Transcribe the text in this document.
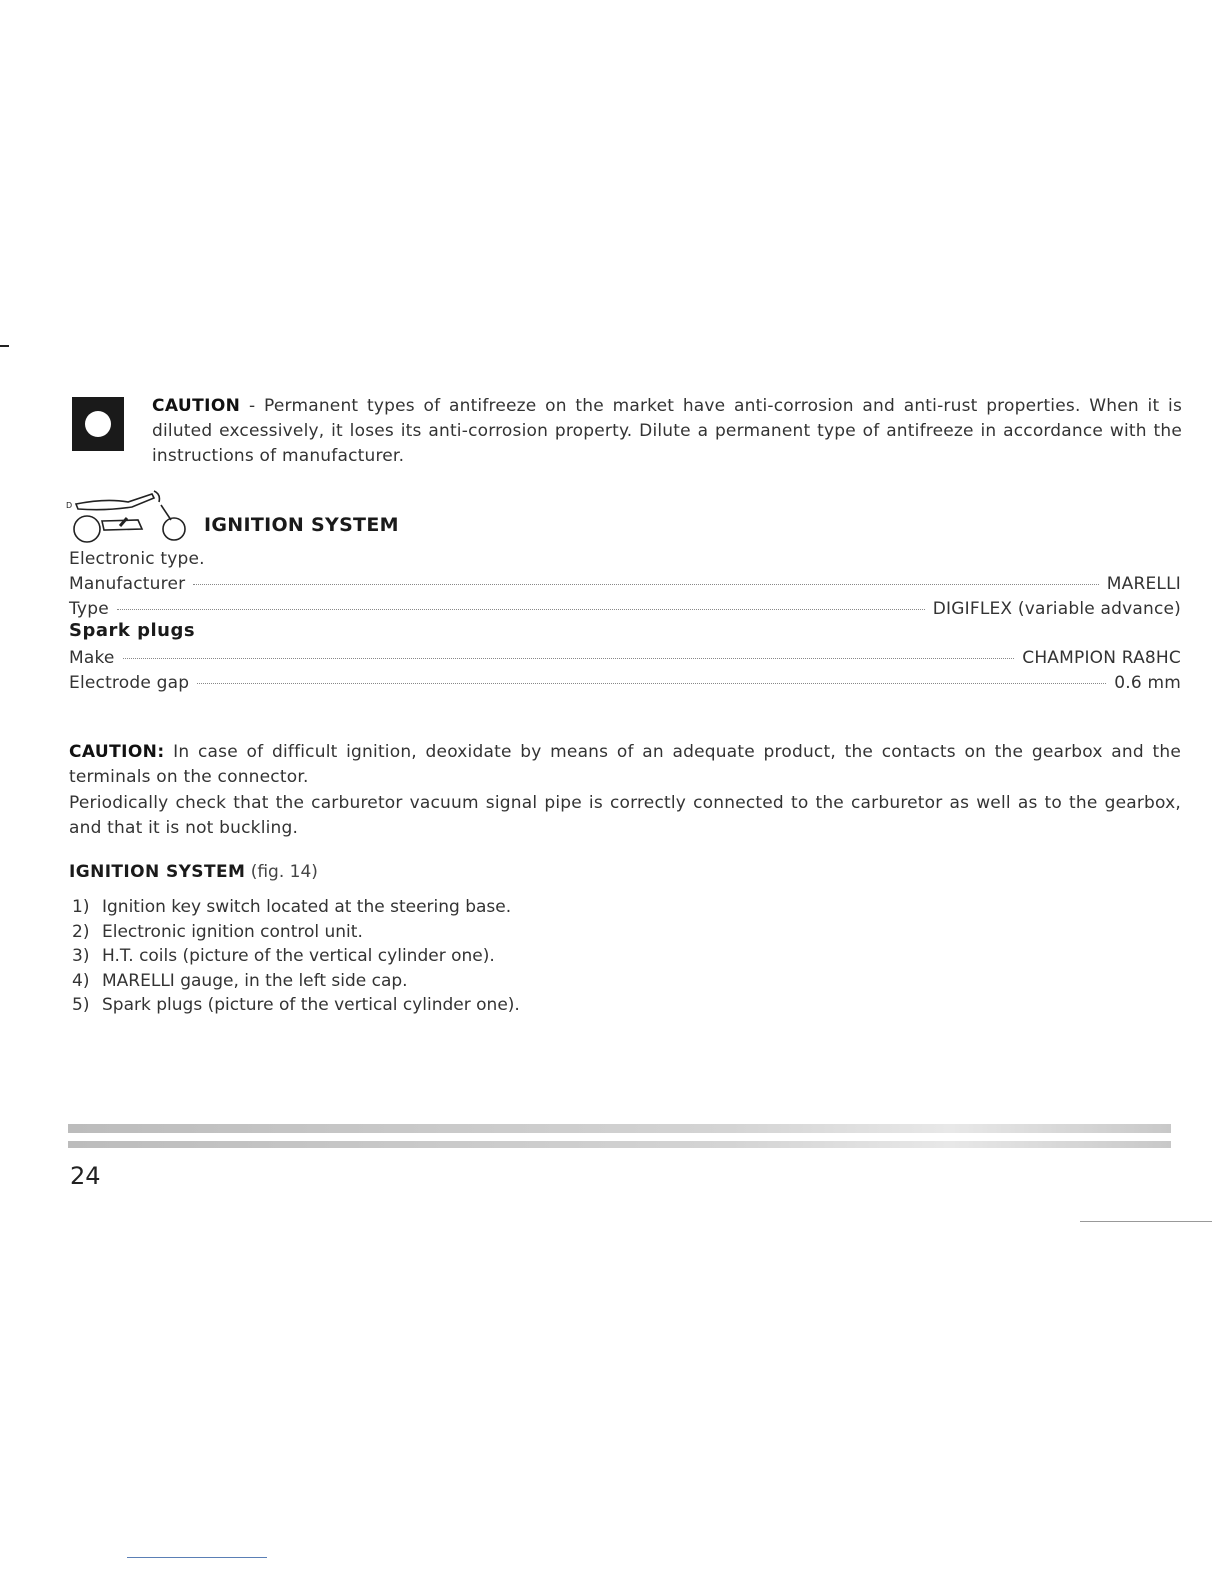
CAUTION - Permanent types of antifreeze on the market have anti-corrosion and anti-rust properties. When it is diluted excessively, it loses its anti-corrosion property. Dilute a permanent type of antifreeze in accordance with the instructions of manufacturer.
D
IGNITION SYSTEM
Electronic type.
Manufacturer	MARELLI
Type	DIGIFLEX (variable advance)
Spark plugs
Make	CHAMPION RA8HC
Electrode gap	0.6 mm
CAUTION: In case of difficult ignition, deoxidate by means of an adequate product, the contacts on the gearbox and the terminals on the connector.
Periodically check that the carburetor vacuum signal pipe is correctly connected to the carburetor as well as to the gearbox, and that it is not buckling.
IGNITION SYSTEM (fig. 14)
1) Ignition key switch located at the steering base.
2) Electronic ignition control unit.
3) H.T. coils (picture of the vertical cylinder one).
4) MARELLI gauge, in the left side cap.
5) Spark plugs (picture of the vertical cylinder one).
24
